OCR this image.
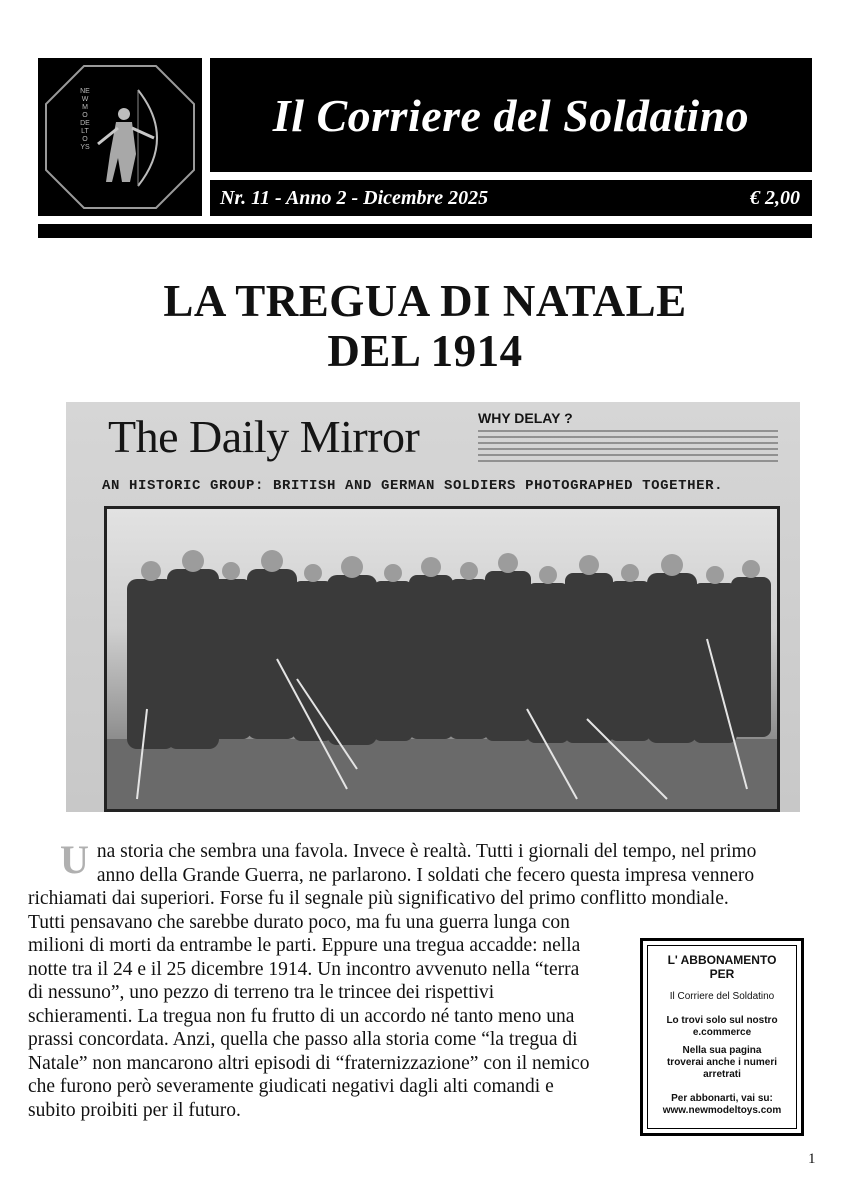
NEW MODELTOYS
Il Corriere del Soldatino
Nr. 11 - Anno 2 - Dicembre 2025	€ 2,00
LA TREGUA DI NATALE
DEL 1914
The Daily Mirror	WHY DELAY ?
AN HISTORIC GROUP: BRITISH AND GERMAN SOLDIERS PHOTOGRAPHED TOGETHER.
U na storia che sembra una favola. Invece è realtà. Tutti i giornali del tempo, nel primo
anno della Grande Guerra, ne parlarono. I soldati che fecero questa impresa vennero
richiamati dai superiori. Forse fu il segnale più significativo del primo conflitto mondiale.
Tutti pensavano che sarebbe durato poco, ma fu una guerra lunga con
milioni di morti da entrambe le parti. Eppure una tregua accadde: nella
notte tra il 24 e il 25 dicembre 1914. Un incontro avvenuto nella “terra
di nessuno”, uno pezzo di terreno tra le trincee dei rispettivi
schieramenti. La tregua non fu frutto di un accordo né tanto meno una
prassi concordata. Anzi, quella che passo alla storia come “la tregua di
Natale” non mancarono altri episodi di “fraternizzazione” con il nemico
che furono però severamente giudicati negativi dagli alti comandi e
subito proibiti per il futuro.

L' ABBONAMENTO
PER
Il Corriere del Soldatino
Lo trovi solo sul nostro
e.commerce
Nella sua pagina
troverai anche i numeri
arretrati
Per abbonarti, vai su:
www.newmodeltoys.com
1
